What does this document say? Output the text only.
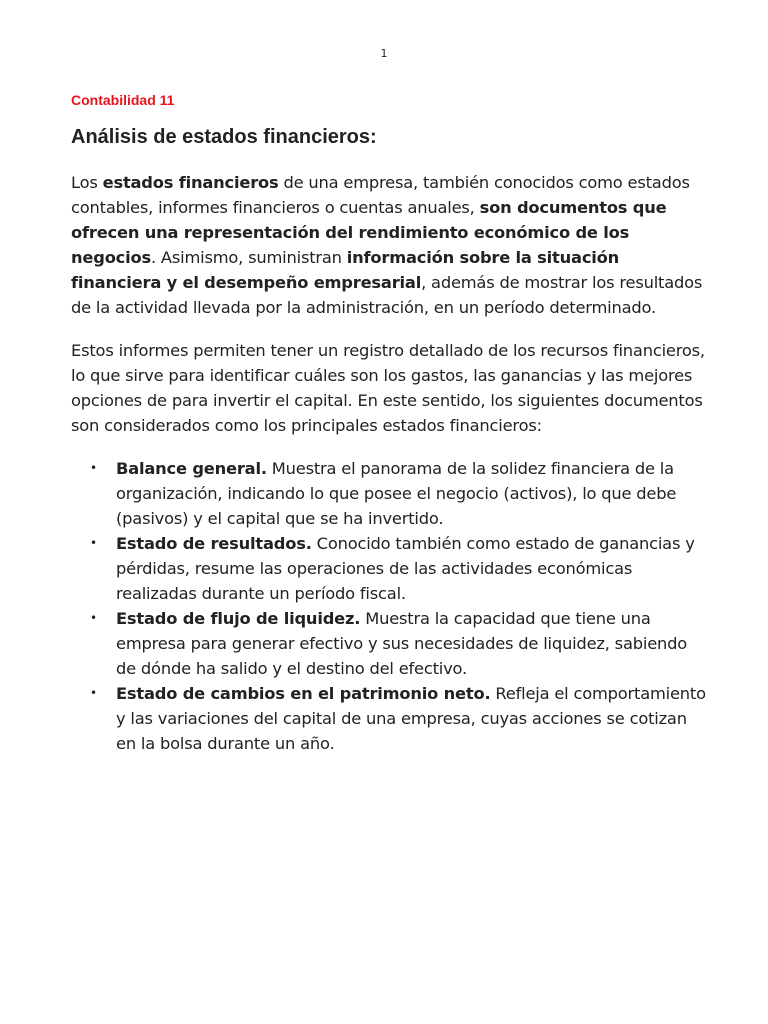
1
Contabilidad 11
Análisis de estados financieros:

Los estados financieros de una empresa, también conocidos como estados contables, informes financieros o cuentas anuales, son documentos que ofrecen una representación del rendimiento económico de los negocios. Asimismo, suministran información sobre la situación financiera y el desempeño empresarial, además de mostrar los resultados de la actividad llevada por la administración, en un período determinado.

Estos informes permiten tener un registro detallado de los recursos financieros, lo que sirve para identificar cuáles son los gastos, las ganancias y las mejores opciones de para invertir el capital. En este sentido, los siguientes documentos son considerados como los principales estados financieros:

• Balance general. Muestra el panorama de la solidez financiera de la organización, indicando lo que posee el negocio (activos), lo que debe (pasivos) y el capital que se ha invertido.
• Estado de resultados. Conocido también como estado de ganancias y pérdidas, resume las operaciones de las actividades económicas realizadas durante un período fiscal.
• Estado de flujo de liquidez. Muestra la capacidad que tiene una empresa para generar efectivo y sus necesidades de liquidez, sabiendo de dónde ha salido y el destino del efectivo.
• Estado de cambios en el patrimonio neto. Refleja el comportamiento y las variaciones del capital de una empresa, cuyas acciones se cotizan en la bolsa durante un año.
